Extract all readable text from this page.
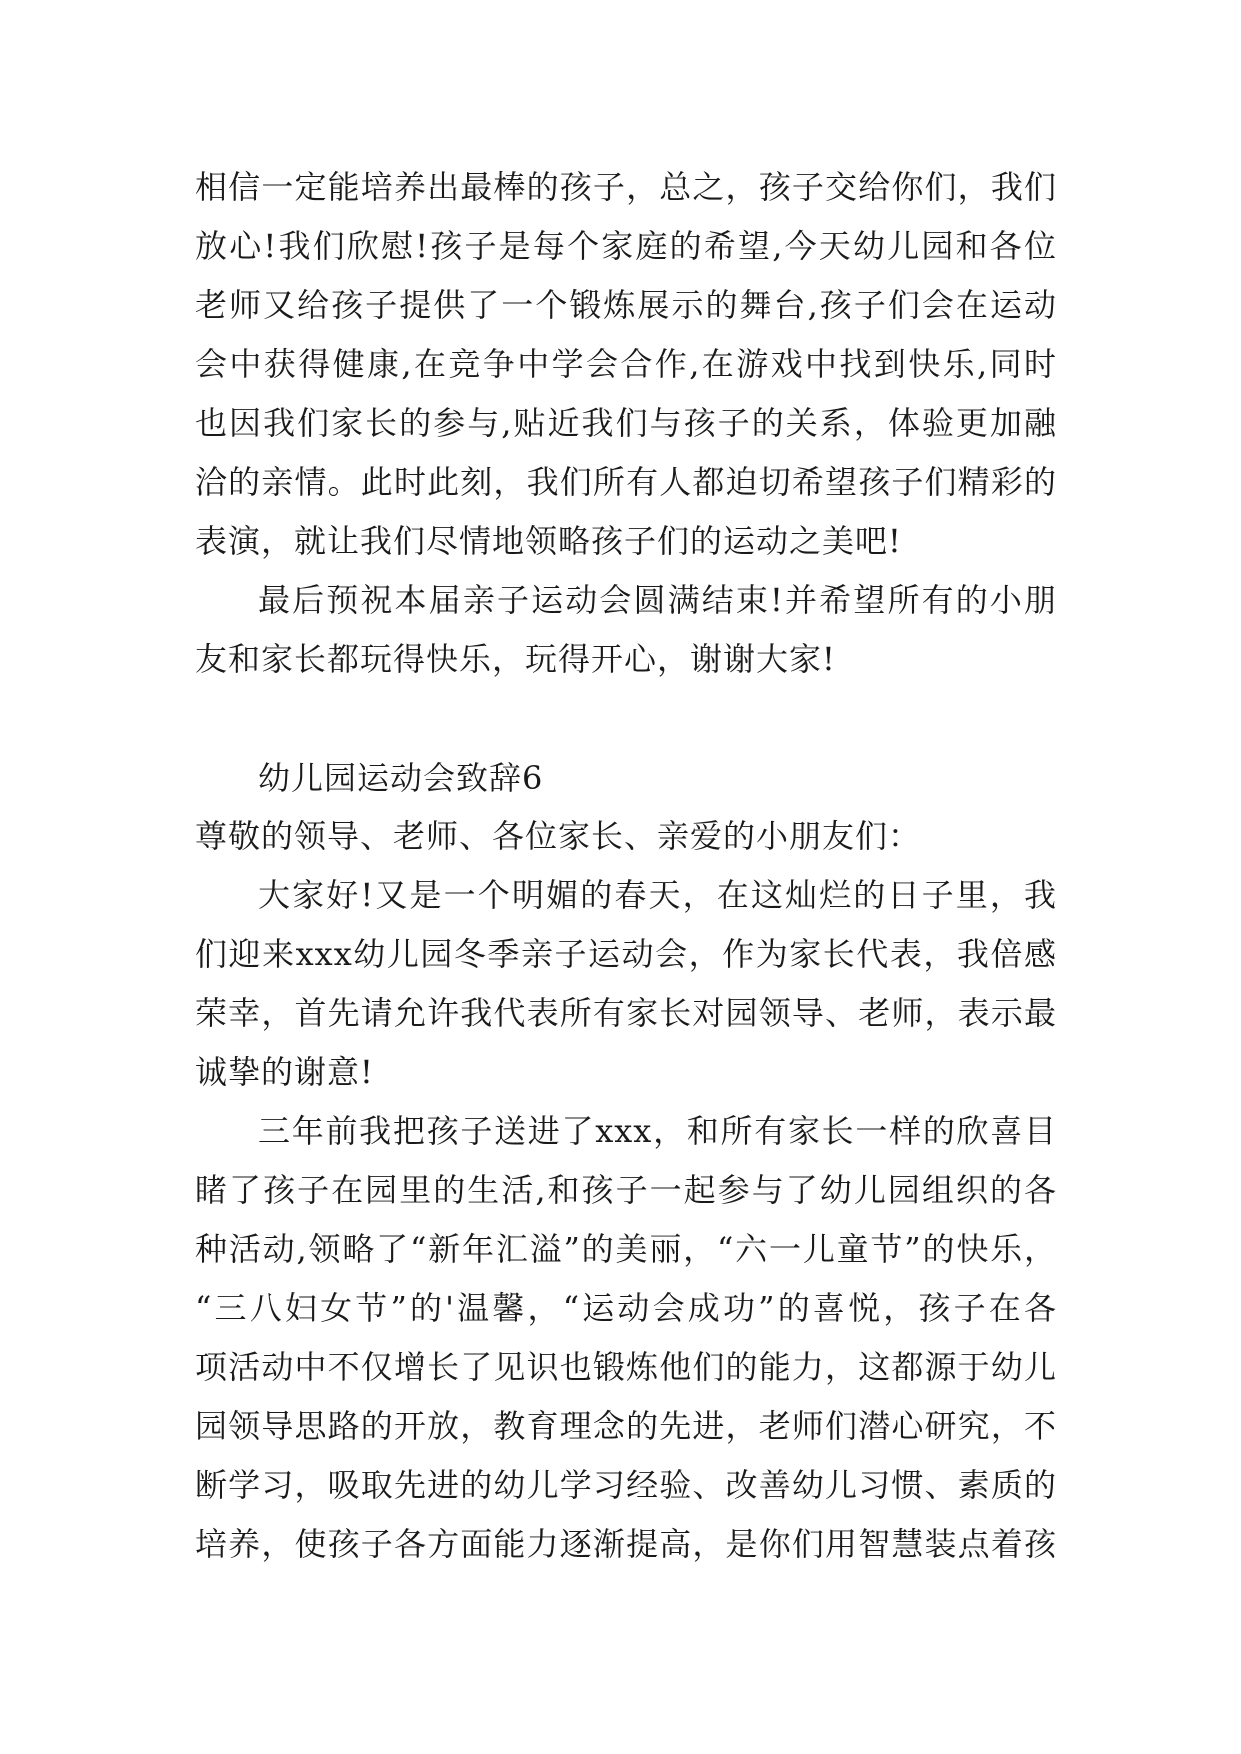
相信一定能培养出最棒的孩子，总之，孩子交给你们，我们
放心!我们欣慰!孩子是每个家庭的希望,今天幼儿园和各位
老师又给孩子提供了一个锻炼展示的舞台,孩子们会在运动
会中获得健康,在竞争中学会合作,在游戏中找到快乐,同时
也因我们家长的参与,贴近我们与孩子的关系，体验更加融
洽的亲情。此时此刻，我们所有人都迫切希望孩子们精彩的
表演，就让我们尽情地领略孩子们的运动之美吧!
最后预祝本届亲子运动会圆满结束!并希望所有的小朋
友和家长都玩得快乐，玩得开心，谢谢大家!
幼儿园运动会致辞6
尊敬的领导、老师、各位家长、亲爱的小朋友们：
大家好!又是一个明媚的春天，在这灿烂的日子里，我
们迎来xxx幼儿园冬季亲子运动会，作为家长代表，我倍感
荣幸，首先请允许我代表所有家长对园领导、老师，表示最
诚挚的谢意!
三年前我把孩子送进了xxx，和所有家长一样的欣喜目
睹了孩子在园里的生活,和孩子一起参与了幼儿园组织的各
种活动,领略了“新年汇溢”的美丽，“六一儿童节”的快乐，
“三八妇女节”的'温馨，“运动会成功”的喜悦，孩子在各
项活动中不仅增长了见识也锻炼他们的能力，这都源于幼儿
园领导思路的开放，教育理念的先进，老师们潜心研究，不
断学习，吸取先进的幼儿学习经验、改善幼儿习惯、素质的
培养，使孩子各方面能力逐渐提高，是你们用智慧装点着孩
